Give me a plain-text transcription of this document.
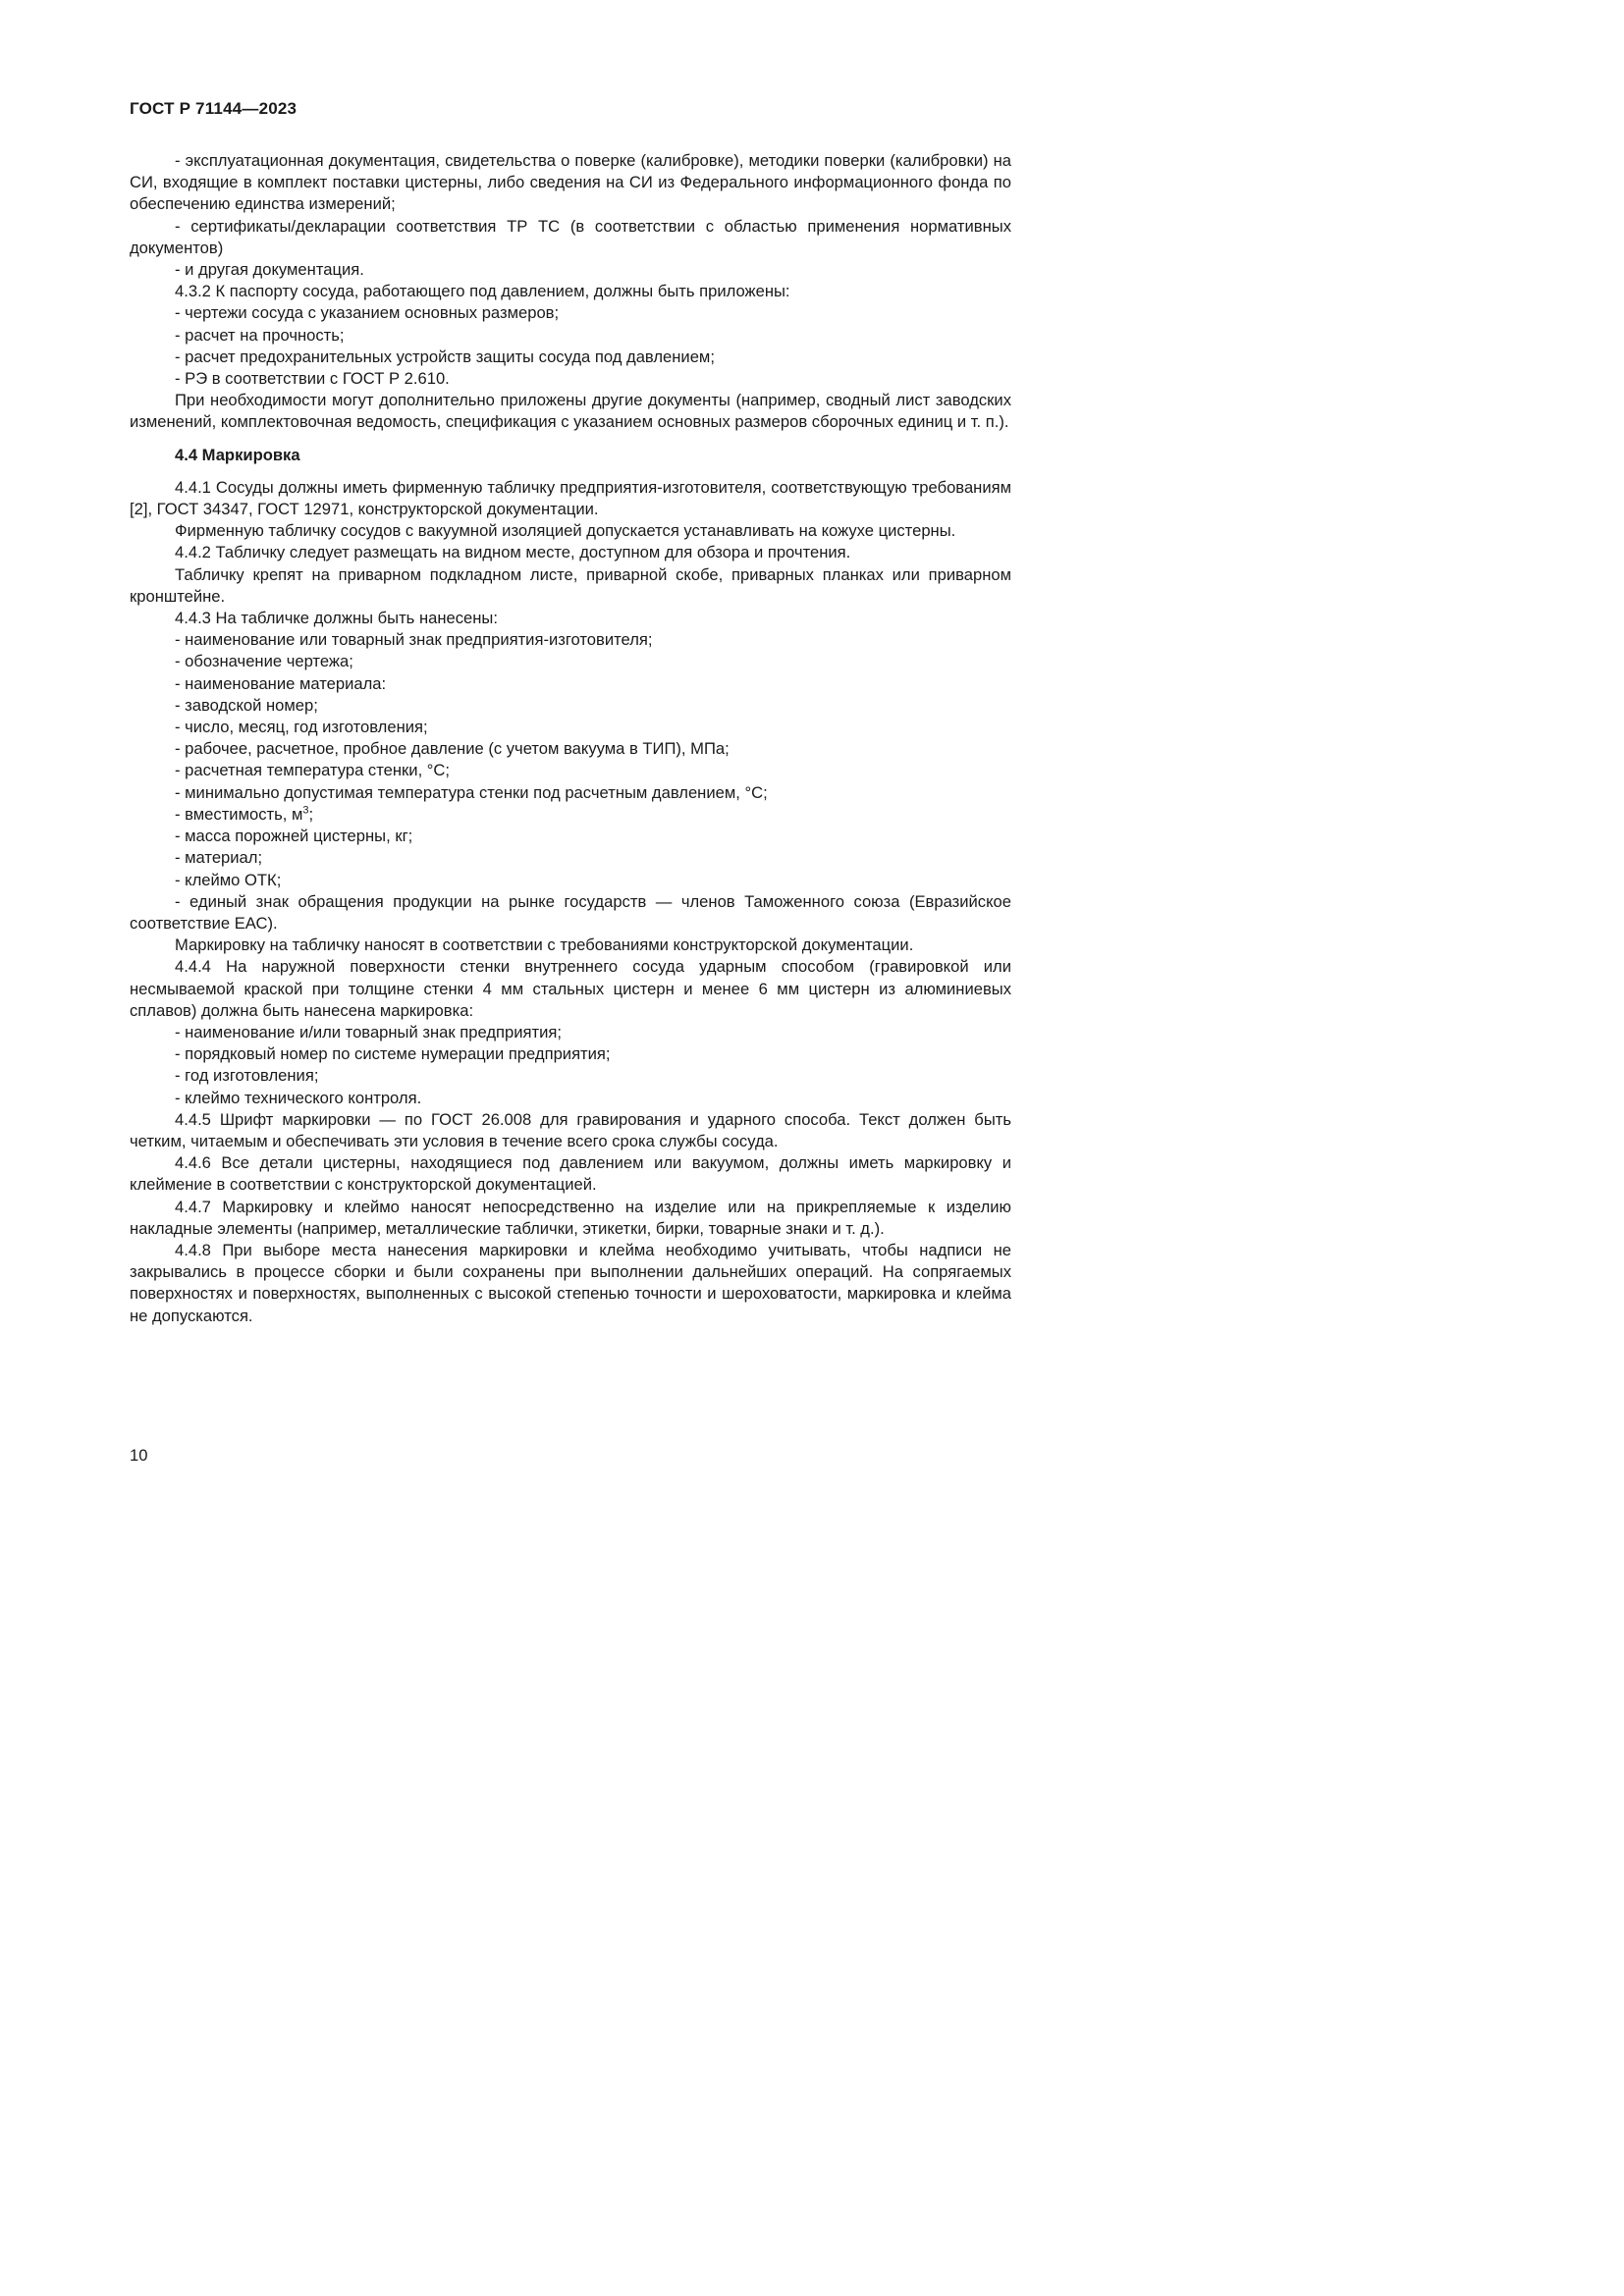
ГОСТ Р 71144—2023

- эксплуатационная документация, свидетельства о поверке (калибровке), методики поверки (калибровки) на СИ, входящие в комплект поставки цистерны, либо сведения на СИ из Федерального информационного фонда по обеспечению единства измерений;

- сертификаты/декларации соответствия ТР ТС (в соответствии с областью применения нормативных документов)

- и другая документация.

4.3.2 К паспорту сосуда, работающего под давлением, должны быть приложены:

- чертежи сосуда с указанием основных размеров;

- расчет на прочность;

- расчет предохранительных устройств защиты сосуда под давлением;

- РЭ в соответствии с ГОСТ Р 2.610.

При необходимости могут дополнительно приложены другие документы (например, сводный лист заводских изменений, комплектовочная ведомость, спецификация с указанием основных размеров сборочных единиц и т. п.).

4.4 Маркировка

4.4.1 Сосуды должны иметь фирменную табличку предприятия-изготовителя, соответствующую требованиям [2], ГОСТ 34347, ГОСТ 12971, конструкторской документации.

Фирменную табличку сосудов с вакуумной изоляцией допускается устанавливать на кожухе цистерны.

4.4.2 Табличку следует размещать на видном месте, доступном для обзора и прочтения.

Табличку крепят на приварном подкладном листе, приварной скобе, приварных планках или приварном кронштейне.

4.4.3 На табличке должны быть нанесены:

- наименование или товарный знак предприятия-изготовителя;

- обозначение чертежа;

- наименование материала:

- заводской номер;

- число, месяц, год изготовления;

- рабочее, расчетное, пробное давление (с учетом вакуума в ТИП), МПа;

- расчетная температура стенки, °С;

- минимально допустимая температура стенки под расчетным давлением, °С;

- вместимость, $м^3$;

- масса порожней цистерны, кг;

- материал;

- клеймо ОТК;

- единый знак обращения продукции на рынке государств — членов Таможенного союза (Евразийское соответствие ЕАС).

Маркировку на табличку наносят в соответствии с требованиями конструкторской документации.

4.4.4 На наружной поверхности стенки внутреннего сосуда ударным способом (гравировкой или несмываемой краской при толщине стенки 4 мм стальных цистерн и менее 6 мм цистерн из алюминиевых сплавов) должна быть нанесена маркировка:

- наименование и/или товарный знак предприятия;

- порядковый номер по системе нумерации предприятия;

- год изготовления;

- клеймо технического контроля.

4.4.5 Шрифт маркировки — по ГОСТ 26.008 для гравирования и ударного способа. Текст должен быть четким, читаемым и обеспечивать эти условия в течение всего срока службы сосуда.

4.4.6 Все детали цистерны, находящиеся под давлением или вакуумом, должны иметь маркировку и клеймение в соответствии с конструкторской документацией.

4.4.7 Маркировку и клеймо наносят непосредственно на изделие или на прикрепляемые к изделию накладные элементы (например, металлические таблички, этикетки, бирки, товарные знаки и т. д.).

4.4.8 При выборе места нанесения маркировки и клейма необходимо учитывать, чтобы надписи не закрывались в процессе сборки и были сохранены при выполнении дальнейших операций. На сопрягаемых поверхностях и поверхностях, выполненных с высокой степенью точности и шероховатости, маркировка и клейма не допускаются.

10
